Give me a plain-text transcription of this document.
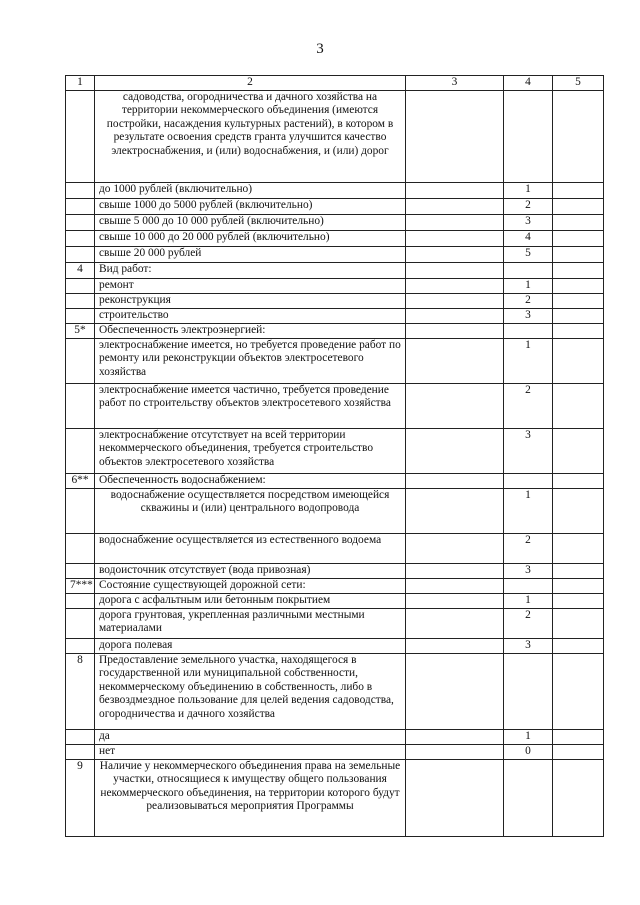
3
1	2	3	4	5
	садоводства, огородничества и дачного хозяйства на территории некоммерческого объединения (имеются постройки, насаждения культурных растений), в котором в результате освоения средств гранта улучшится качество электроснабжения, и (или) водоснабжения, и (или) дорог			
	до 1000 рублей (включительно)		1	
	свыше 1000 до 5000 рублей (включительно)		2	
	свыше 5 000 до 10 000 рублей (включительно)		3	
	свыше 10 000 до 20 000 рублей (включительно)		4	
	свыше 20 000 рублей		5	
4	Вид работ:			
	ремонт		1	
	реконструкция		2	
	строительство		3	
5*	Обеспеченность электроэнергией:			
	электроснабжение имеется, но требуется проведение работ по ремонту или реконструкции объектов электросетевого хозяйства		1	
	электроснабжение имеется частично, требуется проведение работ по строительству объектов электросетевого хозяйства		2	
	электроснабжение отсутствует на всей территории некоммерческого объединения, требуется строительство объектов электросетевого хозяйства		3	
6**	Обеспеченность водоснабжением:			
	водоснабжение осуществляется посредством имеющейся скважины и (или) центрального водопровода		1	
	водоснабжение осуществляется из естественного водоема		2	
	водоисточник отсутствует (вода привозная)		3	
7***	Состояние существующей дорожной сети:			
	дорога с асфальтным или бетонным покрытием		1	
	дорога грунтовая, укрепленная различными местными материалами		2	
	дорога полевая		3	
8	Предоставление земельного участка, находящегося в государственной или муниципальной собственности, некоммерческому объединению в собственность, либо в безвоздмездное пользование для целей ведения садоводства, огородничества и дачного хозяйства			
	да		1	
	нет		0	
9	Наличие у некоммерческого объединения права на земельные участки, относящиеся к имуществу общего пользования некоммерческого объединения, на территории которого будут реализовываться мероприятия Программы			
